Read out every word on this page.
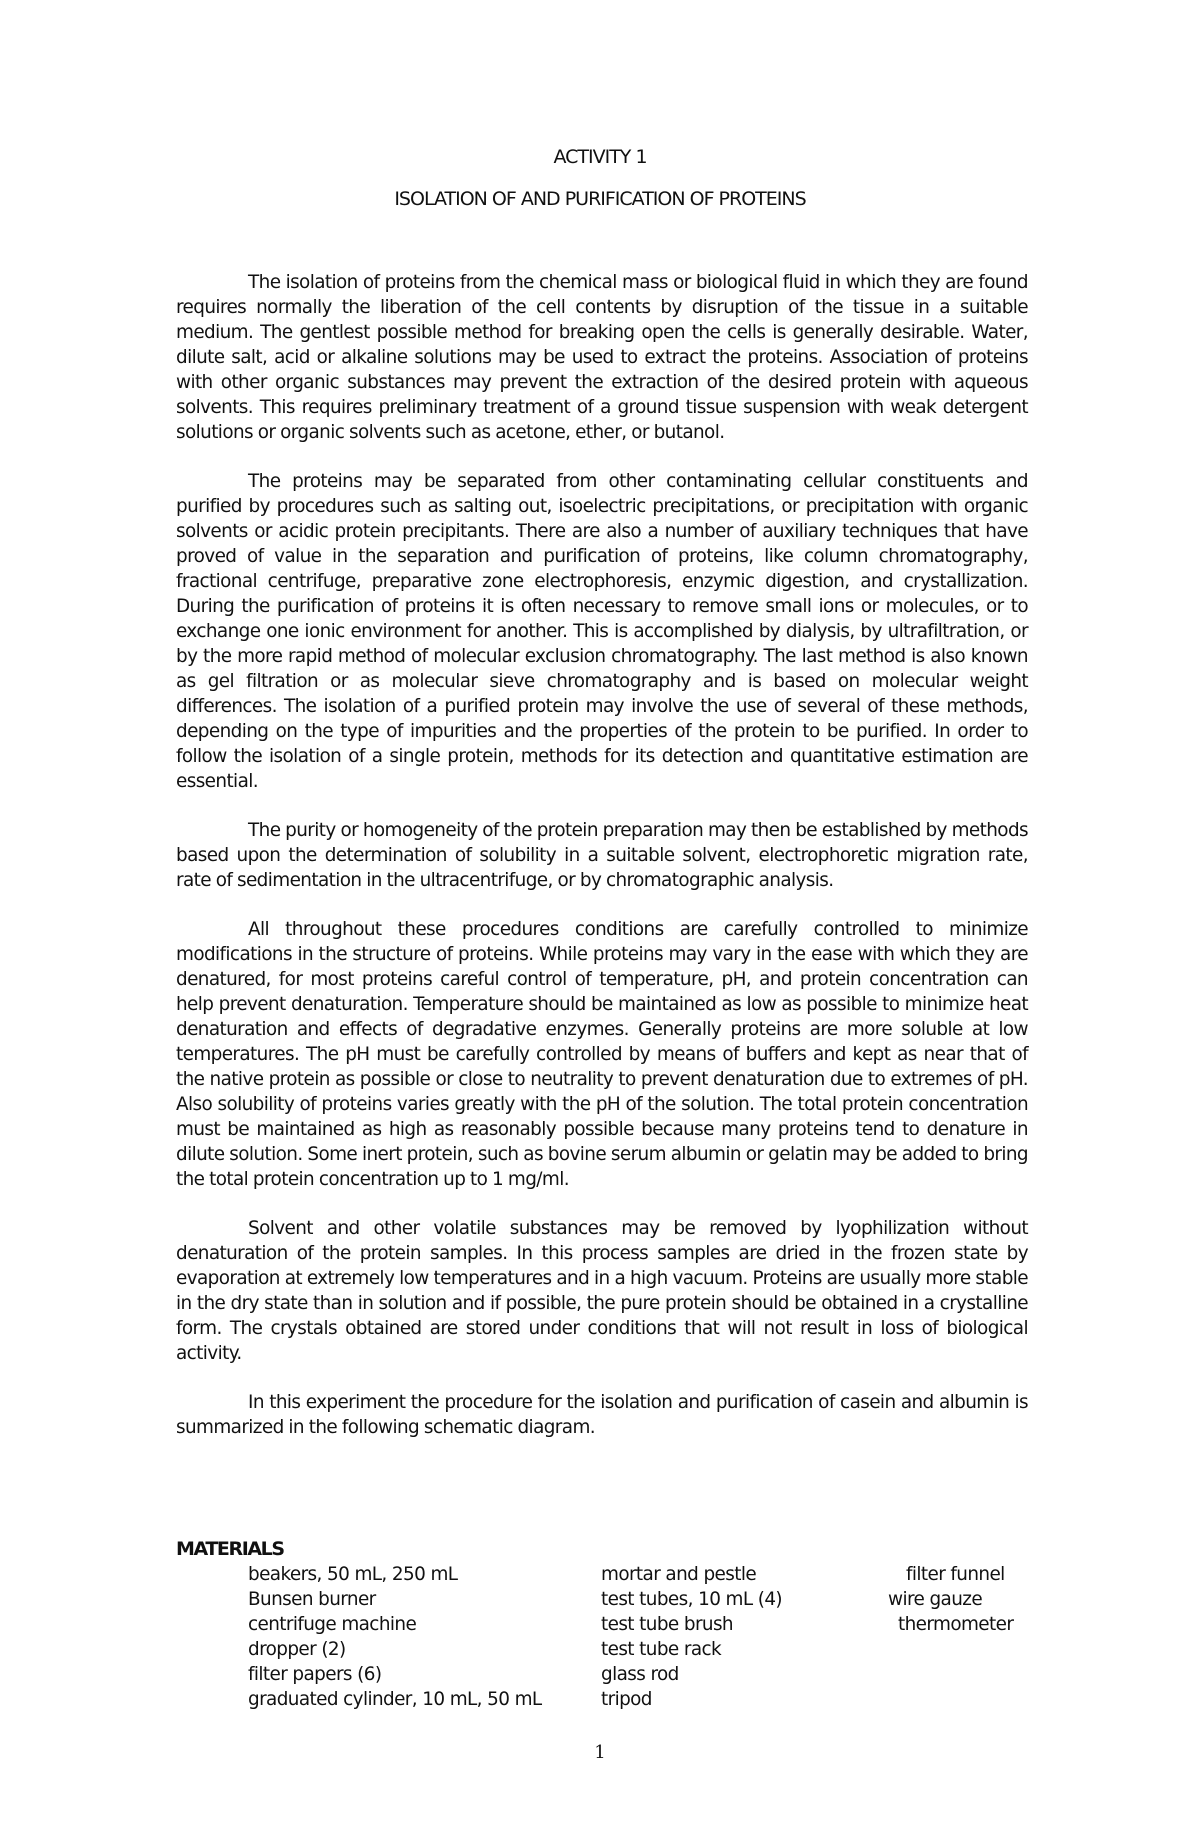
ACTIVITY 1
ISOLATION OF AND PURIFICATION OF PROTEINS

The isolation of proteins from the chemical mass or biological fluid in which they are found requires normally the liberation of the cell contents by disruption of the tissue in a suitable medium. The gentlest possible method for breaking open the cells is generally desirable. Water, dilute salt, acid or alkaline solutions may be used to extract the proteins. Association of proteins with other organic substances may prevent the extraction of the desired protein with aqueous solvents. This requires preliminary treatment of a ground tissue suspension with weak detergent solutions or organic solvents such as acetone, ether, or butanol.

The proteins may be separated from other contaminating cellular constituents and purified by procedures such as salting out, isoelectric precipitations, or precipitation with organic solvents or acidic protein precipitants. There are also a number of auxiliary techniques that have proved of value in the separation and purification of proteins, like column chromatography, fractional centrifuge, preparative zone electrophoresis, enzymic digestion, and crystallization. During the purification of proteins it is often necessary to remove small ions or molecules, or to exchange one ionic environment for another. This is accomplished by dialysis, by ultrafiltration, or by the more rapid method of molecular exclusion chromatography. The last method is also known as gel filtration or as molecular sieve chromatography and is based on molecular weight differences. The isolation of a purified protein may involve the use of several of these methods, depending on the type of impurities and the properties of the protein to be purified. In order to follow the isolation of a single protein, methods for its detection and quantitative estimation are essential.

The purity or homogeneity of the protein preparation may then be established by methods based upon the determination of solubility in a suitable solvent, electrophoretic migration rate, rate of sedimentation in the ultracentrifuge, or by chromatographic analysis.

All throughout these procedures conditions are carefully controlled to minimize modifications in the structure of proteins. While proteins may vary in the ease with which they are denatured, for most proteins careful control of temperature, pH, and protein concentration can help prevent denaturation. Temperature should be maintained as low as possible to minimize heat denaturation and effects of degradative enzymes. Generally proteins are more soluble at low temperatures. The pH must be carefully controlled by means of buffers and kept as near that of the native protein as possible or close to neutrality to prevent denaturation due to extremes of pH. Also solubility of proteins varies greatly with the pH of the solution. The total protein concentration must be maintained as high as reasonably possible because many proteins tend to denature in dilute solution. Some inert protein, such as bovine serum albumin or gelatin may be added to bring the total protein concentration up to 1 mg/ml.

Solvent and other volatile substances may be removed by lyophilization without denaturation of the protein samples. In this process samples are dried in the frozen state by evaporation at extremely low temperatures and in a high vacuum. Proteins are usually more stable in the dry state than in solution and if possible, the pure protein should be obtained in a crystalline form. The crystals obtained are stored under conditions that will not result in loss of biological activity.

In this experiment the procedure for the isolation and purification of casein and albumin is summarized in the following schematic diagram.

MATERIALS
beakers, 50 mL, 250 mL
Bunsen burner
centrifuge machine
dropper (2)
filter papers (6)
graduated cylinder, 10 mL, 50 mL
mortar and pestle
test tubes, 10 mL (4)
test tube brush
test tube rack
glass rod
tripod
filter funnel
wire gauze
thermometer
1
